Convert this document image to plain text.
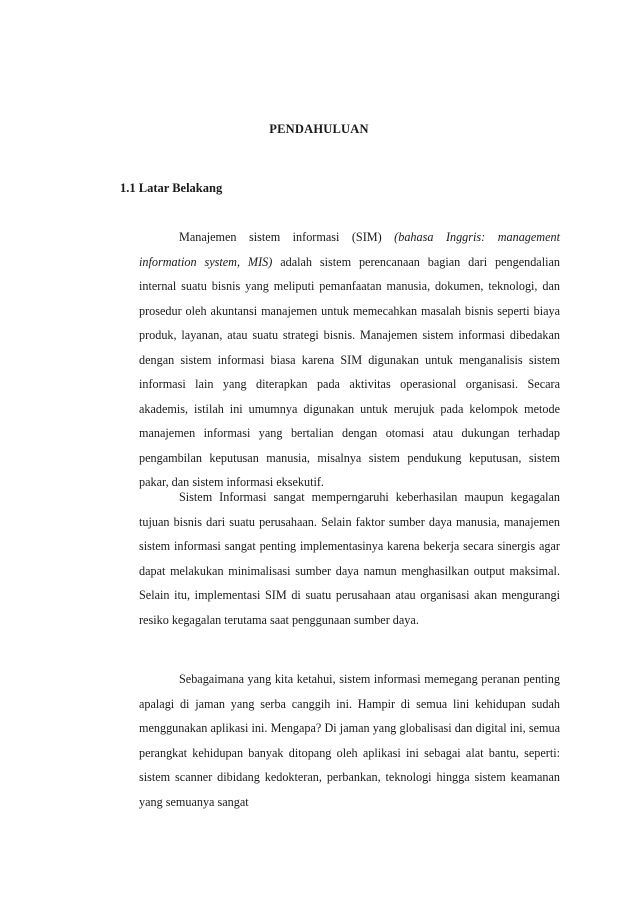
PENDAHULUAN
1.1 Latar Belakang

Manajemen sistem informasi (SIM) (bahasa Inggris: management information system, MIS) adalah sistem perencanaan bagian dari pengendalian internal suatu bisnis yang meliputi pemanfaatan manusia, dokumen, teknologi, dan prosedur oleh akuntansi manajemen untuk memecahkan masalah bisnis seperti biaya produk, layanan, atau suatu strategi bisnis. Manajemen sistem informasi dibedakan dengan sistem informasi biasa karena SIM digunakan untuk menganalisis sistem informasi lain yang diterapkan pada aktivitas operasional organisasi. Secara akademis, istilah ini umumnya digunakan untuk merujuk pada kelompok metode manajemen informasi yang bertalian dengan otomasi atau dukungan terhadap pengambilan keputusan manusia, misalnya sistem pendukung keputusan, sistem pakar, dan sistem informasi eksekutif.

Sistem Informasi sangat memperngaruhi keberhasilan maupun kegagalan tujuan bisnis dari suatu perusahaan. Selain faktor sumber daya manusia, manajemen sistem informasi sangat penting implementasinya karena bekerja secara sinergis agar dapat melakukan minimalisasi sumber daya namun menghasilkan output maksimal. Selain itu, implementasi SIM di suatu perusahaan atau organisasi akan mengurangi resiko kegagalan terutama saat penggunaan sumber daya.

Sebagaimana yang kita ketahui, sistem informasi memegang peranan penting apalagi di jaman yang serba canggih ini. Hampir di semua lini kehidupan sudah menggunakan aplikasi ini. Mengapa? Di jaman yang globalisasi dan digital ini, semua perangkat kehidupan banyak ditopang oleh aplikasi ini sebagai alat bantu, seperti: sistem scanner dibidang kedokteran, perbankan, teknologi hingga sistem keamanan yang semuanya sangat
